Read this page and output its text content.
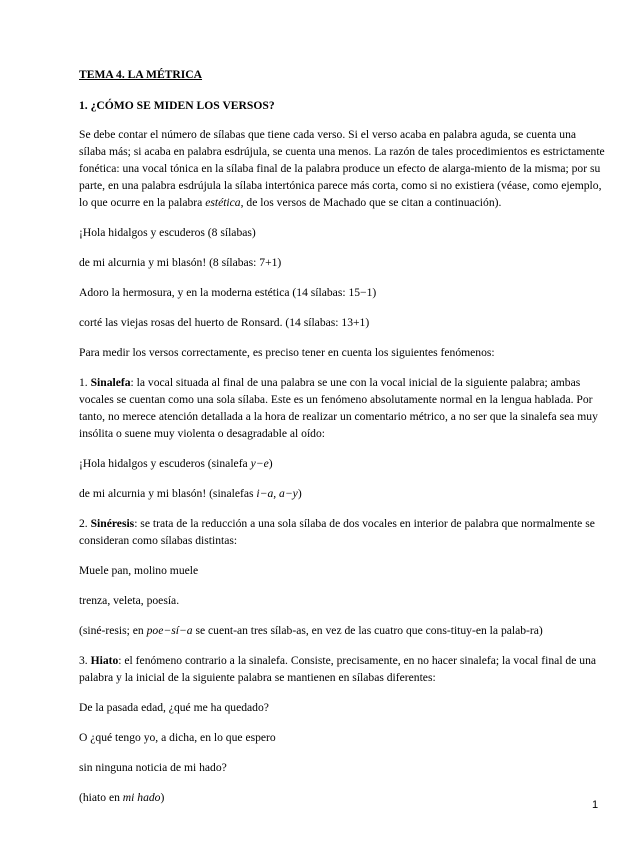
TEMA 4. LA MÉTRICA

1. ¿CÓMO SE MIDEN LOS VERSOS?

Se debe contar el número de sílabas que tiene cada verso. Si el verso acaba en palabra aguda, se cuenta una sílaba más; si acaba en palabra esdrújula, se cuenta una menos. La razón de tales procedimientos es estrictamente fonética: una vocal tónica en la sílaba final de la palabra produce un efecto de alarga-miento de la misma; por su parte, en una palabra esdrújula la sílaba intertónica parece más corta, como si no existiera (véase, como ejemplo, lo que ocurre en la palabra estética, de los versos de Machado que se citan a continuación).

¡Hola hidalgos y escuderos (8 sílabas)

de mi alcurnia y mi blasón! (8 sílabas: 7+1)

Adoro la hermosura, y en la moderna estética (14 sílabas: 15−1)

corté las viejas rosas del huerto de Ronsard. (14 sílabas: 13+1)

Para medir los versos correctamente, es preciso tener en cuenta los siguientes fenómenos:

1. Sinalefa: la vocal situada al final de una palabra se une con la vocal inicial de la siguiente palabra; ambas vocales se cuentan como una sola sílaba. Este es un fenómeno absolutamente normal en la lengua hablada. Por tanto, no merece atención detallada a la hora de realizar un comentario métrico, a no ser que la sinalefa sea muy insólita o suene muy violenta o desagradable al oído:

¡Hola hidalgos y escuderos (sinalefa y−e)

de mi alcurnia y mi blasón! (sinalefas i−a, a−y)

2. Sinéresis: se trata de la reducción a una sola sílaba de dos vocales en interior de palabra que normalmente se consideran como sílabas distintas:

Muele pan, molino muele

trenza, veleta, poesía.

(siné-resis; en poe−sí−a se cuent-an tres sílab-as, en vez de las cuatro que cons-tituy-en la palab-ra)

3. Hiato: el fenómeno contrario a la sinalefa. Consiste, precisamente, en no hacer sinalefa; la vocal final de una palabra y la inicial de la siguiente palabra se mantienen en sílabas diferentes:

De la pasada edad, ¿qué me ha quedado?

O ¿qué tengo yo, a dicha, en lo que espero

sin ninguna noticia de mi hado?

(hiato en mi hado)

1
